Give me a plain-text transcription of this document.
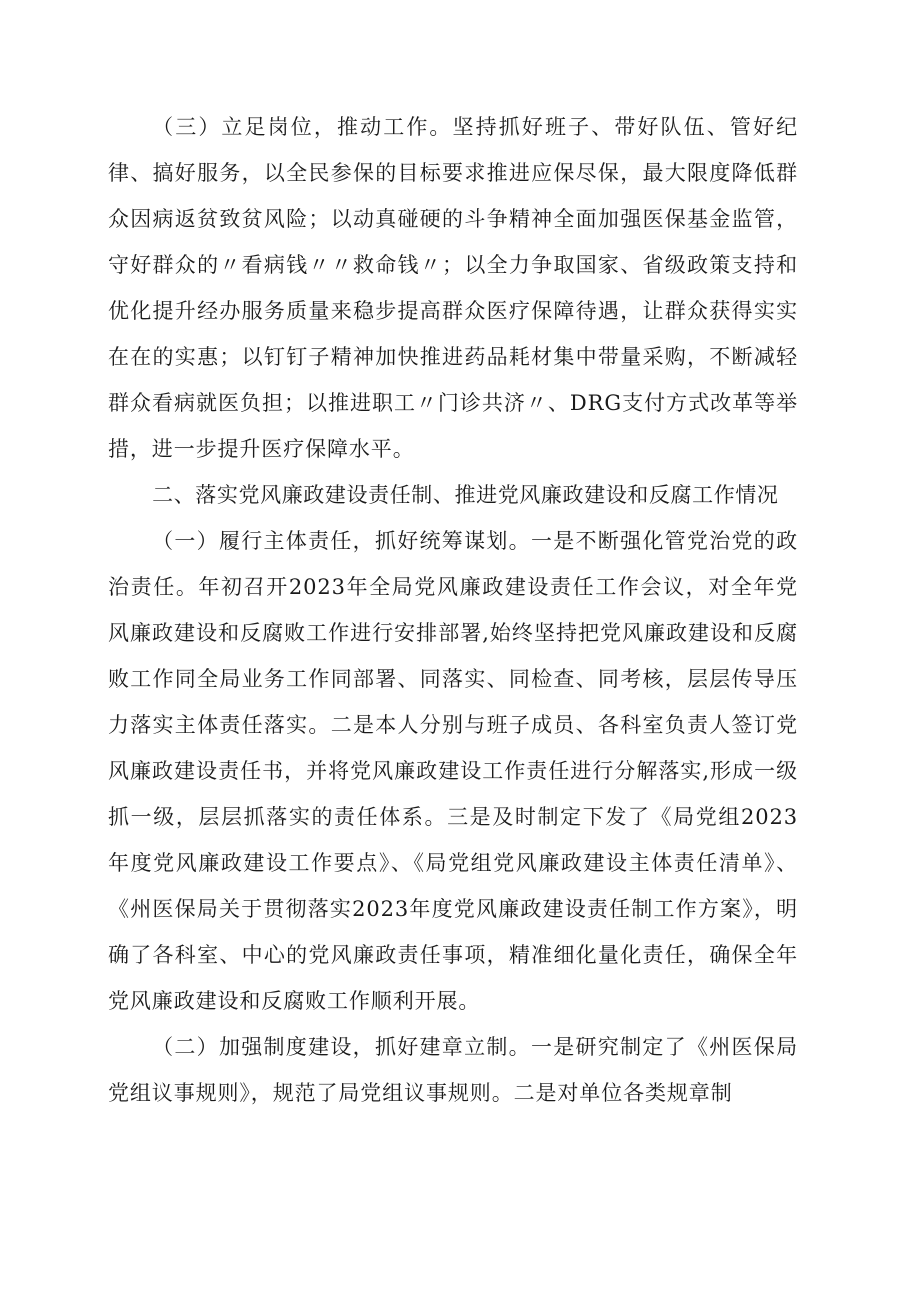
（三）立足岗位，推动工作。坚持抓好班子、带好队伍、管好纪律、搞好服务，以全民参保的目标要求推进应保尽保，最大限度降低群众因病返贫致贫风险；以动真碰硬的斗争精神全面加强医保基金监管，守好群众的〃看病钱〃〃救命钱〃；以全力争取国家、省级政策支持和优化提升经办服务质量来稳步提高群众医疗保障待遇，让群众获得实实在在的实惠；以钉钉子精神加快推进药品耗材集中带量采购，不断减轻群众看病就医负担；以推进职工〃门诊共济〃、DRG支付方式改革等举措，进一步提升医疗保障水平。

二、落实党风廉政建设责任制、推进党风廉政建设和反腐工作情况

（一）履行主体责任，抓好统筹谋划。一是不断强化管党治党的政治责任。年初召开2023年全局党风廉政建设责任工作会议，对全年党风廉政建设和反腐败工作进行安排部署,始终坚持把党风廉政建设和反腐败工作同全局业务工作同部署、同落实、同检查、同考核，层层传导压力落实主体责任落实。二是本人分别与班子成员、各科室负责人签订党风廉政建设责任书，并将党风廉政建设工作责任进行分解落实,形成一级抓一级，层层抓落实的责任体系。三是及时制定下发了《局党组2023年度党风廉政建设工作要点》、《局党组党风廉政建设主体责任清单》、《州医保局关于贯彻落实2023年度党风廉政建设责任制工作方案》，明确了各科室、中心的党风廉政责任事项，精准细化量化责任，确保全年党风廉政建设和反腐败工作顺利开展。

（二）加强制度建设，抓好建章立制。一是研究制定了《州医保局党组议事规则》，规范了局党组议事规则。二是对单位各类规章制
